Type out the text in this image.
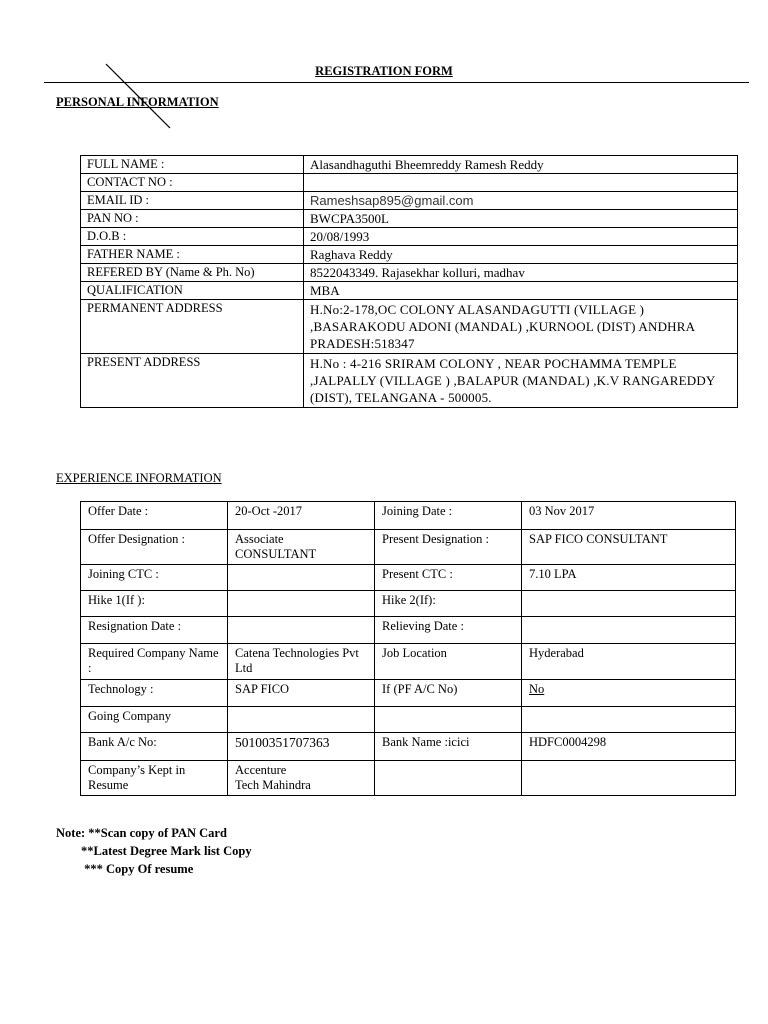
REGISTRATION FORM
PERSONAL INFORMATION
FULL NAME :	Alasandhaguthi Bheemreddy Ramesh Reddy
CONTACT NO :	
EMAIL ID :	Rameshsap895@gmail.com
PAN NO :	BWCPA3500L
D.O.B :	20/08/1993
FATHER NAME :	Raghava Reddy
REFERED BY (Name & Ph. No)	8522043349. Rajasekhar kolluri, madhav
QUALIFICATION	MBA
PERMANENT ADDRESS	H.No:2-178,OC COLONY ALASANDAGUTTI (VILLAGE ) ,BASARAKODU ADONI (MANDAL) ,KURNOOL (DIST) ANDHRA PRADESH:518347
PRESENT ADDRESS	H.No : 4-216 SRIRAM COLONY , NEAR POCHAMMA TEMPLE ,JALPALLY (VILLAGE ) ,BALAPUR (MANDAL) ,K.V RANGAREDDY (DIST), TELANGANA - 500005.
EXPERIENCE INFORMATION
Offer Date :	20-Oct -2017	Joining Date :	03 Nov 2017
Offer Designation :	Associate CONSULTANT	Present Designation :	SAP FICO CONSULTANT
Joining CTC :		Present CTC :	7.10 LPA
Hike 1(If ):		Hike 2(If):	
Resignation Date :		Relieving Date :	
Required Company Name :	Catena Technologies Pvt Ltd	Job Location	Hyderabad
Technology :	SAP FICO	If (PF A/C No)	No
Going Company			
Bank A/c No:	50100351707363	Bank Name :icici	HDFC0004298
Company’s Kept in Resume	Accenture
Tech Mahindra		

Note: **Scan copy of PAN Card
**Latest Degree Mark list Copy
*** Copy Of resume
